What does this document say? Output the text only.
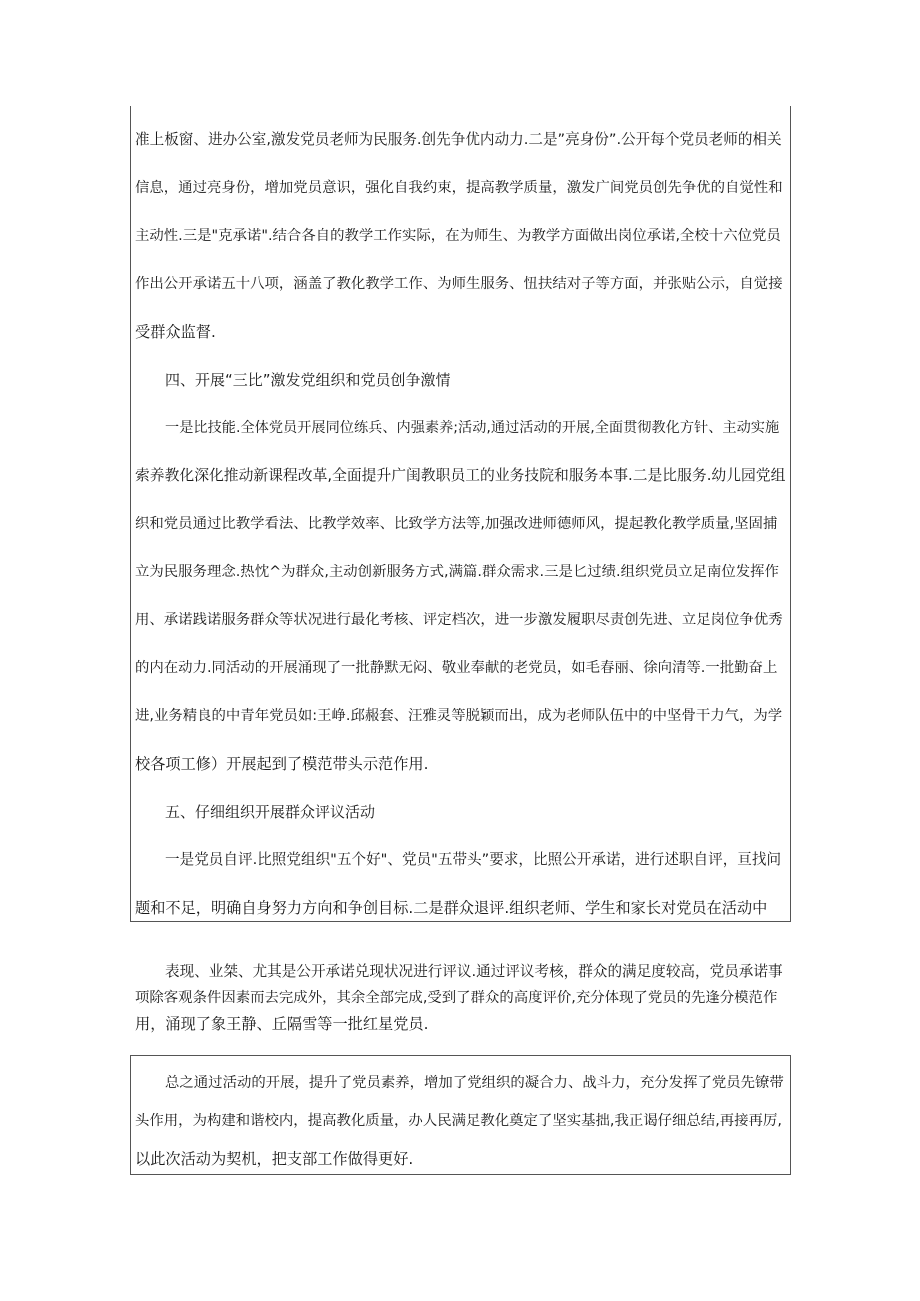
准上板窗、进办公室,激发党员老师为民服务.创先争优内动力.二是”亮身份”.公开每个党员老师的相关

信息，通过亮身份，增加党员意识，强化自我约束，提高教学质量，激发广间党员创先争优的自觉性和

主动性.三是"克承诺".结合各自的教学工作实际，在为师生、为教学方面做出岗位承诺,全校十六位党员

作出公开承诺五十八项，涵盖了教化教学工作、为师生服务、忸扶结对子等方面，并张贴公示，自觉接

受群众监督.

四、开展“三比”激发党组织和党员创争激情

一是比技能.全体党员开展同位练兵、内强素养;活动,通过活动的开展,全面贯彻教化方针、主动实施

索养教化深化推动新课程改革,全面提升广闺教职员工的业务技院和服务本事.二是比服务.幼儿园党组

织和党员通过比教学看法、比教学效率、比致学方法等,加强改进师德师风，提起教化教学质量,坚固捕

立为民服务理念.热忱^为群众,主动创新服务方式,满篇.群众需求.三是匕过绩.组织党员立足南位发挥作

用、承诺践诺服务群众等状况进行最化考核、评定档次，进一步激发履职尽责创先进、立足岗位争优秀

的内在动力.同活动的开展涌现了一批静默无闷、敬业奉献的老党员，如毛春丽、徐向清等.一批勤奋上

进,业务精良的中青年党员如:王峥.邱赧套、汪雅灵等脱颖而出，成为老师队伍中的中坚骨干力气，为学

校各项工修）开展起到了模范带头示范作用.

五、仔细组织开展群众评议活动

一是党员自评.比照党组织"五个好"、党员"五带头”要求，比照公开承诺，进行述职自评，亘找问

题和不足，明确自身努力方向和争创目标.二是群众退评.组织老师、学生和家长对党员在活动中

表现、业桀、尤其是公开承诺兑现状况进行评议.通过评议考核，群众的满足度较高，党员承诺事

项除客观条件因素而去完成外，其余全部完成,受到了群众的高度评价,充分体现了党员的先逢分模范作

用，涌现了象王静、丘隔雪等一批红星党员.

总之通过活动的开展，提升了党员素养，增加了党组织的凝合力、战斗力，充分发挥了党员先镣带

头作用，为构建和谐校内，提高教化质量，办人民满足教化奠定了坚实基拙,我正谒仔细总结,再接再厉,

以此次活动为契机，把支部工作做得更好.
